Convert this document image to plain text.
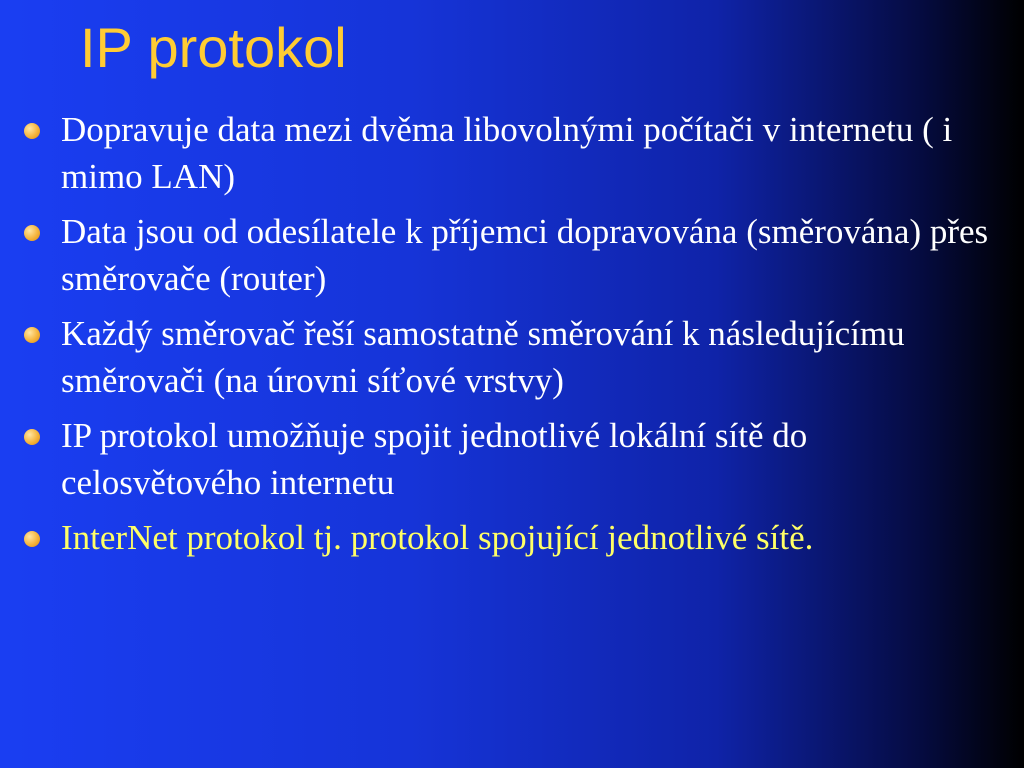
IP protokol
Dopravuje data mezi dvěma libovolnými počítači v internetu ( i mimo LAN)
Data jsou od odesílatele k příjemci dopravována (směrována) přes směrovače (router)
Každý směrovač řeší samostatně směrování k následujícímu směrovači (na úrovni síťové vrstvy)
IP protokol umožňuje spojit jednotlivé lokální sítě do celosvětového internetu
InterNet protokol tj. protokol spojující jednotlivé sítě.
